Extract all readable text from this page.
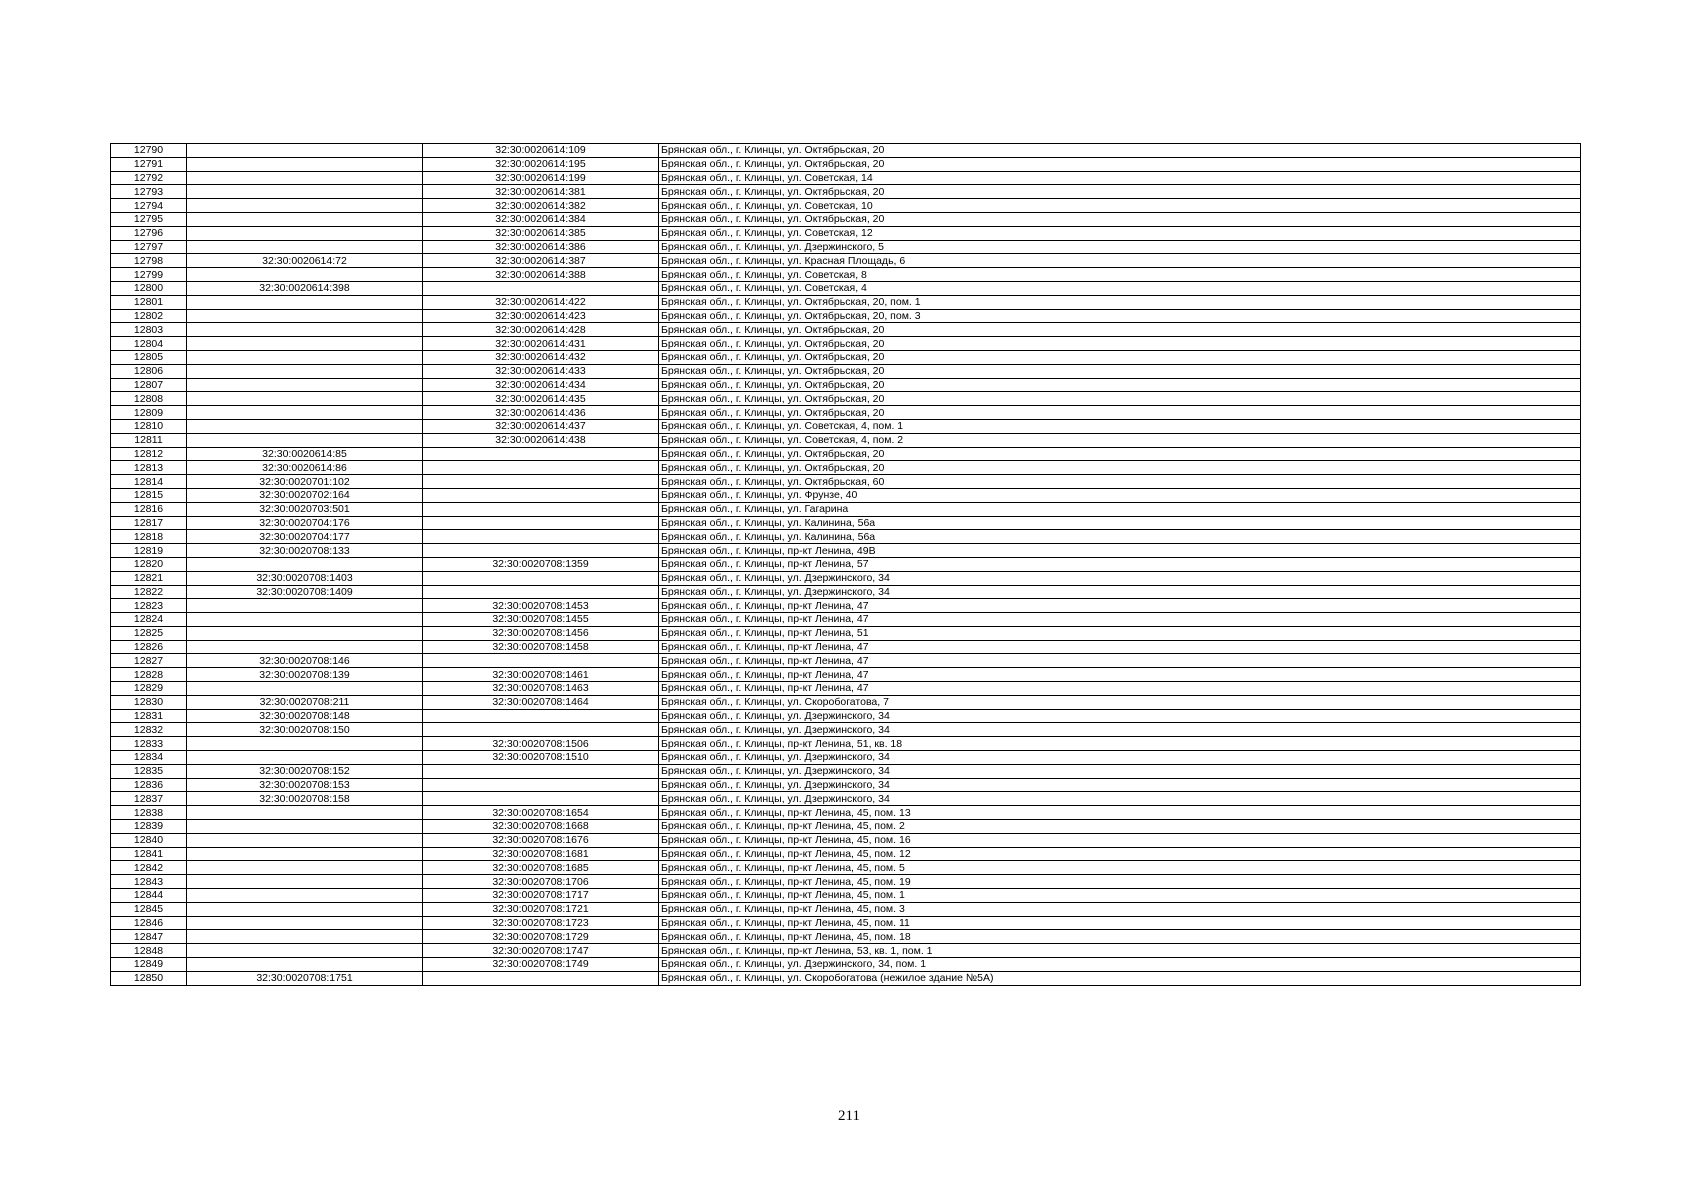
12790		32:30:0020614:109	Брянская обл., г. Клинцы, ул. Октябрьская, 20
12791		32:30:0020614:195	Брянская обл., г. Клинцы, ул. Октябрьская, 20
12792		32:30:0020614:199	Брянская обл., г. Клинцы, ул. Советская, 14
12793		32:30:0020614:381	Брянская обл., г. Клинцы, ул. Октябрьская, 20
12794		32:30:0020614:382	Брянская обл., г. Клинцы, ул. Советская, 10
12795		32:30:0020614:384	Брянская обл., г. Клинцы, ул. Октябрьская, 20
12796		32:30:0020614:385	Брянская обл., г. Клинцы, ул. Советская, 12
12797		32:30:0020614:386	Брянская обл., г. Клинцы, ул. Дзержинского, 5
12798	32:30:0020614:72	32:30:0020614:387	Брянская обл., г. Клинцы, ул. Красная Площадь, 6
12799		32:30:0020614:388	Брянская обл., г. Клинцы, ул. Советская, 8
12800	32:30:0020614:398		Брянская обл., г. Клинцы, ул. Советская, 4
12801		32:30:0020614:422	Брянская обл., г. Клинцы, ул. Октябрьская, 20, пом. 1
12802		32:30:0020614:423	Брянская обл., г. Клинцы, ул. Октябрьская, 20, пом. 3
12803		32:30:0020614:428	Брянская обл., г. Клинцы, ул. Октябрьская, 20
12804		32:30:0020614:431	Брянская обл., г. Клинцы, ул. Октябрьская, 20
12805		32:30:0020614:432	Брянская обл., г. Клинцы, ул. Октябрьская, 20
12806		32:30:0020614:433	Брянская обл., г. Клинцы, ул. Октябрьская, 20
12807		32:30:0020614:434	Брянская обл., г. Клинцы, ул. Октябрьская, 20
12808		32:30:0020614:435	Брянская обл., г. Клинцы, ул. Октябрьская, 20
12809		32:30:0020614:436	Брянская обл., г. Клинцы, ул. Октябрьская, 20
12810		32:30:0020614:437	Брянская обл., г. Клинцы, ул. Советская, 4, пом. 1
12811		32:30:0020614:438	Брянская обл., г. Клинцы, ул. Советская, 4, пом. 2
12812	32:30:0020614:85		Брянская обл., г. Клинцы, ул. Октябрьская, 20
12813	32:30:0020614:86		Брянская обл., г. Клинцы, ул. Октябрьская, 20
12814	32:30:0020701:102		Брянская обл., г. Клинцы, ул. Октябрьская, 60
12815	32:30:0020702:164		Брянская обл., г. Клинцы, ул. Фрунзе, 40
12816	32:30:0020703:501		Брянская обл., г. Клинцы, ул. Гагарина
12817	32:30:0020704:176		Брянская обл., г. Клинцы, ул. Калинина, 56а
12818	32:30:0020704:177		Брянская обл., г. Клинцы, ул. Калинина, 56а
12819	32:30:0020708:133		Брянская обл., г. Клинцы, пр-кт Ленина, 49В
12820		32:30:0020708:1359	Брянская обл., г. Клинцы, пр-кт Ленина, 57
12821	32:30:0020708:1403		Брянская обл., г. Клинцы, ул. Дзержинского, 34
12822	32:30:0020708:1409		Брянская обл., г. Клинцы, ул. Дзержинского, 34
12823		32:30:0020708:1453	Брянская обл., г. Клинцы, пр-кт Ленина, 47
12824		32:30:0020708:1455	Брянская обл., г. Клинцы, пр-кт Ленина, 47
12825		32:30:0020708:1456	Брянская обл., г. Клинцы, пр-кт Ленина, 51
12826		32:30:0020708:1458	Брянская обл., г. Клинцы, пр-кт Ленина, 47
12827	32:30:0020708:146		Брянская обл., г. Клинцы, пр-кт Ленина, 47
12828	32:30:0020708:139	32:30:0020708:1461	Брянская обл., г. Клинцы, пр-кт Ленина, 47
12829		32:30:0020708:1463	Брянская обл., г. Клинцы, пр-кт Ленина, 47
12830	32:30:0020708:211	32:30:0020708:1464	Брянская обл., г. Клинцы, ул. Скоробогатова, 7
12831	32:30:0020708:148		Брянская обл., г. Клинцы, ул. Дзержинского, 34
12832	32:30:0020708:150		Брянская обл., г. Клинцы, ул. Дзержинского, 34
12833		32:30:0020708:1506	Брянская обл., г. Клинцы, пр-кт Ленина, 51, кв. 18
12834		32:30:0020708:1510	Брянская обл., г. Клинцы, ул. Дзержинского, 34
12835	32:30:0020708:152		Брянская обл., г. Клинцы, ул. Дзержинского, 34
12836	32:30:0020708:153		Брянская обл., г. Клинцы, ул. Дзержинского, 34
12837	32:30:0020708:158		Брянская обл., г. Клинцы, ул. Дзержинского, 34
12838		32:30:0020708:1654	Брянская обл., г. Клинцы, пр-кт Ленина, 45, пом. 13
12839		32:30:0020708:1668	Брянская обл., г. Клинцы, пр-кт Ленина, 45, пом. 2
12840		32:30:0020708:1676	Брянская обл., г. Клинцы, пр-кт Ленина, 45, пом. 16
12841		32:30:0020708:1681	Брянская обл., г. Клинцы, пр-кт Ленина, 45, пом. 12
12842		32:30:0020708:1685	Брянская обл., г. Клинцы, пр-кт Ленина, 45, пом. 5
12843		32:30:0020708:1706	Брянская обл., г. Клинцы, пр-кт Ленина, 45, пом. 19
12844		32:30:0020708:1717	Брянская обл., г. Клинцы, пр-кт Ленина, 45, пом. 1
12845		32:30:0020708:1721	Брянская обл., г. Клинцы, пр-кт Ленина, 45, пом. 3
12846		32:30:0020708:1723	Брянская обл., г. Клинцы, пр-кт Ленина, 45, пом. 11
12847		32:30:0020708:1729	Брянская обл., г. Клинцы, пр-кт Ленина, 45, пом. 18
12848		32:30:0020708:1747	Брянская обл., г. Клинцы, пр-кт Ленина, 53, кв. 1, пом. 1
12849		32:30:0020708:1749	Брянская обл., г. Клинцы, ул. Дзержинского, 34, пом. 1
12850	32:30:0020708:1751		Брянская обл., г. Клинцы, ул. Скоробогатова (нежилое здание №5А)
211
